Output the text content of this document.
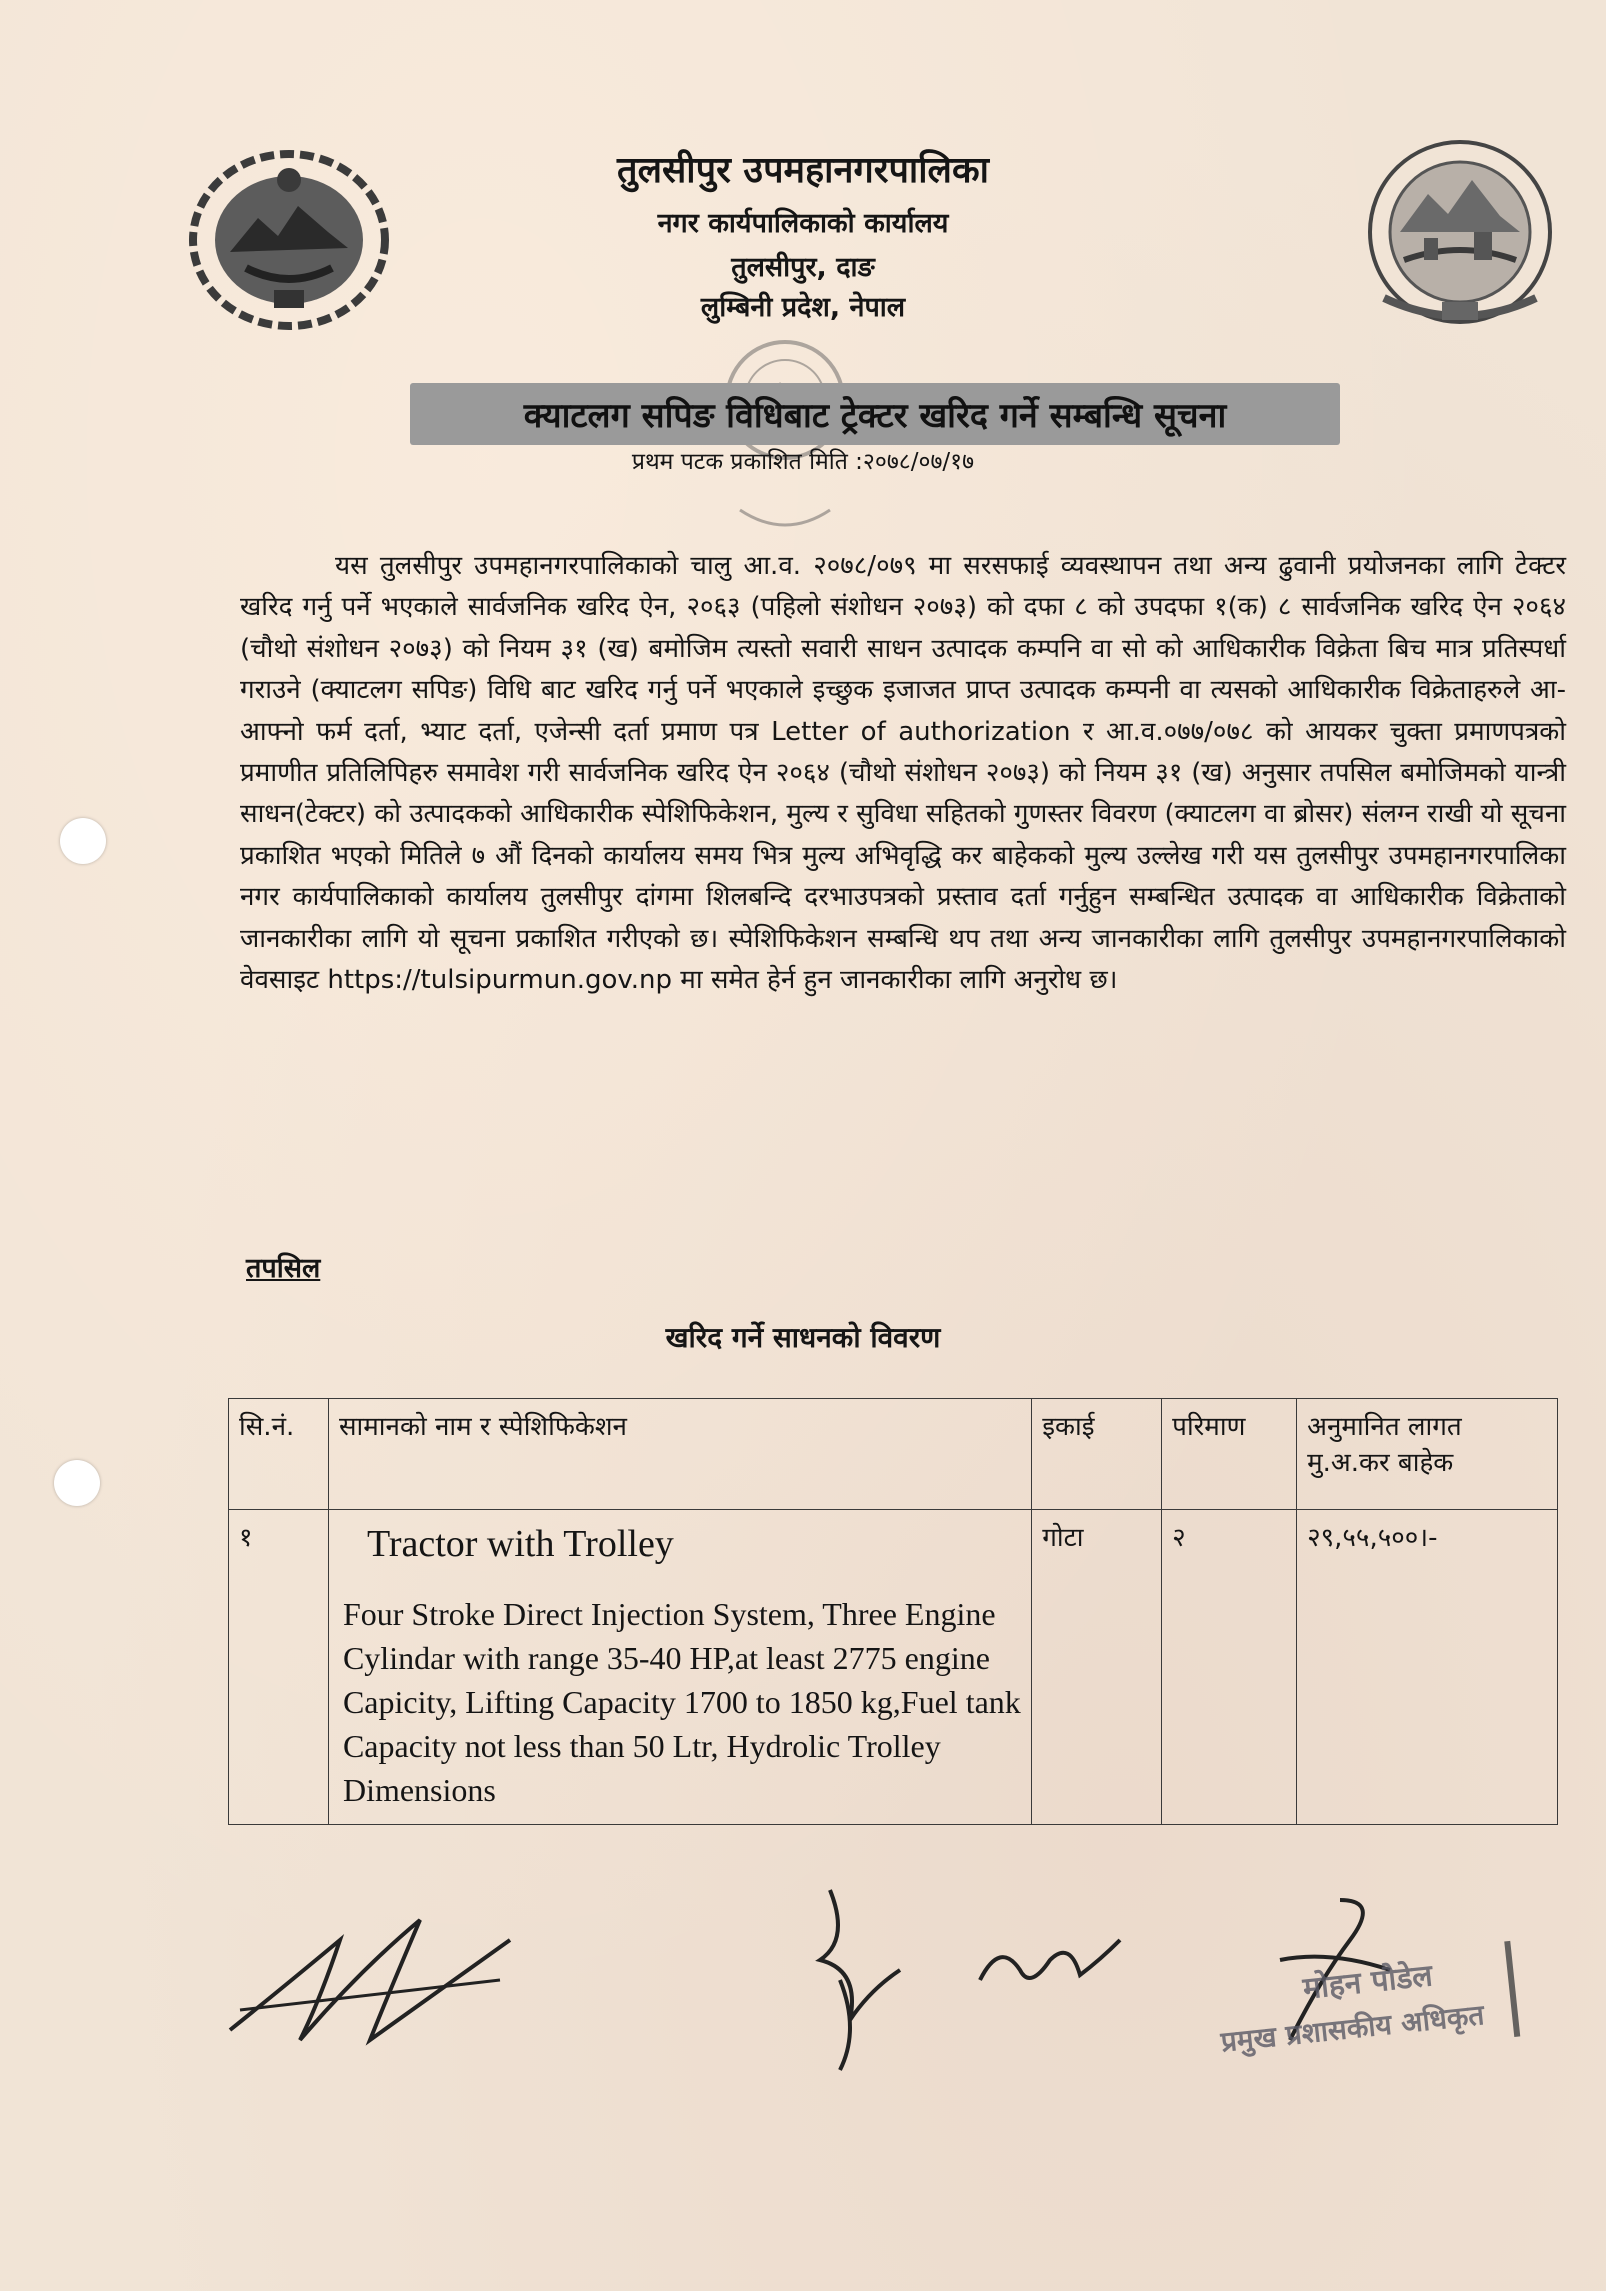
तुलसीपुर उपमहानगरपालिका
नगर कार्यपालिकाको कार्यालय
तुलसीपुर, दाङ
लुम्बिनी प्रदेश, नेपाल
क्याटलग सपिङ विधिबाट ट्रेक्टर खरिद गर्ने सम्बन्धि सूचना
प्रथम पटक प्रकाशित मिति :२०७८/०७/१७

यस तुलसीपुर उपमहानगरपालिकाको चालु आ.व. २०७८/०७९ मा सरसफाई व्यवस्थापन तथा अन्य ढुवानी प्रयोजनका लागि टेक्टर खरिद गर्नु पर्ने भएकाले सार्वजनिक खरिद ऐन, २०६३ (पहिलो संशोधन २०७३) को दफा ८ को उपदफा १(क) ८ सार्वजनिक खरिद ऐन २०६४ (चौथो संशोधन २०७३) को नियम ३१ (ख) बमोजिम त्यस्तो सवारी साधन उत्पादक कम्पनि वा सो को आधिकारीक विक्रेता बिच मात्र प्रतिस्पर्धा गराउने (क्याटलग सपिङ) विधि बाट खरिद गर्नु पर्ने भएकाले इच्छुक इजाजत प्राप्त उत्पादक कम्पनी वा त्यसको आधिकारीक विक्रेताहरुले आ-आफ्नो फर्म दर्ता, भ्याट दर्ता, एजेन्सी दर्ता प्रमाण पत्र Letter of authorization र आ.व.०७७/०७८ को आयकर चुक्ता प्रमाणपत्रको प्रमाणीत प्रतिलिपिहरु समावेश गरी सार्वजनिक खरिद ऐन २०६४ (चौथो संशोधन २०७३) को नियम ३१ (ख) अनुसार तपसिल बमोजिमको यान्त्री साधन(टेक्टर) को उत्पादकको आधिकारीक स्पेशिफिकेशन, मुल्य र सुविधा सहितको गुणस्तर विवरण (क्याटलग वा ब्रोसर) संलग्न राखी यो सूचना प्रकाशित भएको मितिले ७ औं दिनको कार्यालय समय भित्र मुल्य अभिवृद्धि कर बाहेकको मुल्य उल्लेख गरी यस तुलसीपुर उपमहानगरपालिका नगर कार्यपालिकाको कार्यालय तुलसीपुर दांगमा शिलबन्दि दरभाउपत्रको प्रस्ताव दर्ता गर्नुहुन सम्बन्धित उत्पादक वा आधिकारीक विक्रेताको जानकारीका लागि यो सूचना प्रकाशित गरीएको छ। स्पेशिफिकेशन सम्बन्धि थप तथा अन्य जानकारीका लागि तुलसीपुर उपमहानगरपालिकाको वेवसाइट https://tulsipurmun.gov.np मा समेत हेर्न हुन जानकारीका लागि अनुरोध छ।

तपसिल
खरिद गर्ने साधनको विवरण
सि.नं.	सामानको नाम र स्पेशिफिकेशन	इकाई	परिमाण	अनुमानित लागत
मु.अ.कर बाहेक

१	Tractor with Trolley
Four Stroke Direct Injection System, Three Engine Cylindar with range 35-40 HP,at least 2775 engine Capicity, Lifting Capacity 1700 to 1850 kg,Fuel tank Capacity not less than 50 Ltr, Hydrolic Trolley Dimensions	गोटा	२	२९,५५,५००।-
मोहन पौडेल
प्रमुख प्रशासकीय अधिकृत
